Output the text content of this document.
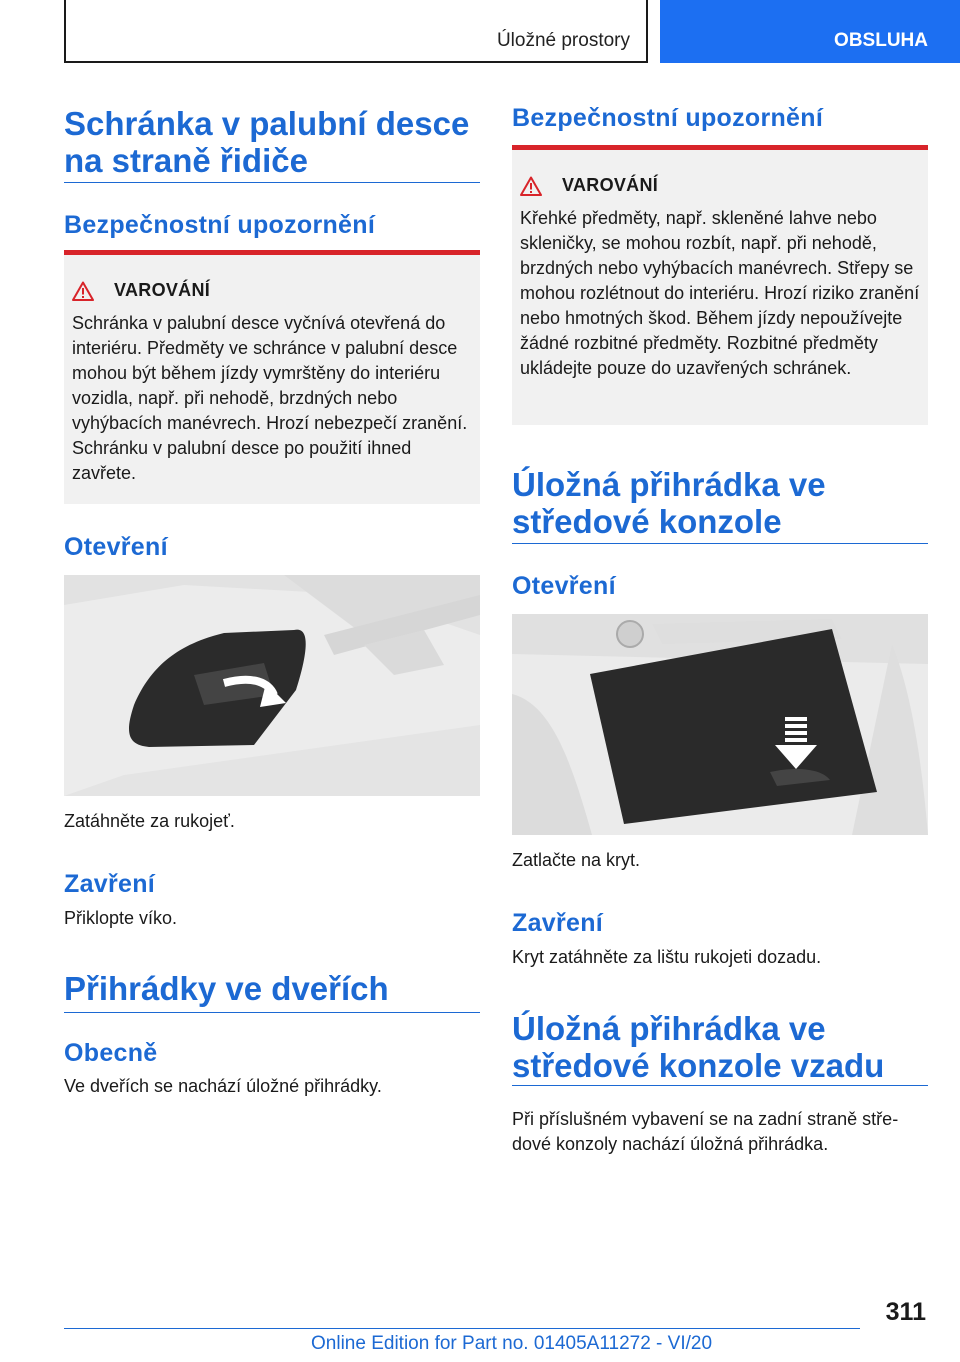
Úložné prostory	OBSLUHA
Schránka v palubní desce na straně řidiče
Bezpečnostní upozornění
VAROVÁNÍ
Schránka v palubní desce vyčnívá otevřená do interiéru. Předměty ve schránce v palubní desce mohou být během jízdy vymrštěny do interiéru vozidla, např. při nehodě, brzdných nebo vyhýbacích manévrech. Hrozí nebezpečí zranění. Schránku v palubní desce po použití ihned zavřete.
Otevření
Zatáhněte za rukojeť.
Zavření
Přiklopte víko.
Přihrádky ve dveřích
Obecně
Ve dveřích se nachází úložné přihrádky.
Bezpečnostní upozornění
VAROVÁNÍ
Křehké předměty, např. skleněné lahve nebo skleničky, se mohou rozbít, např. při nehodě, brzdných nebo vyhýbacích manévrech. Střepy se mohou rozlétnout do interiéru. Hrozí riziko zranění nebo hmotných škod. Během jízdy nepoužívejte žádné rozbitné předměty. Rozbitné předměty ukládejte pouze do uzavřených schránek.
Úložná přihrádka ve středové konzole
Otevření
Zatlačte na kryt.
Zavření
Kryt zatáhněte za lištu rukojeti dozadu.
Úložná přihrádka ve středové konzole vzadu
Při příslušném vybavení se na zadní straně středové konzoly nachází úložná přihrádka.
311
Online Edition for Part no. 01405A11272 - VI/20
